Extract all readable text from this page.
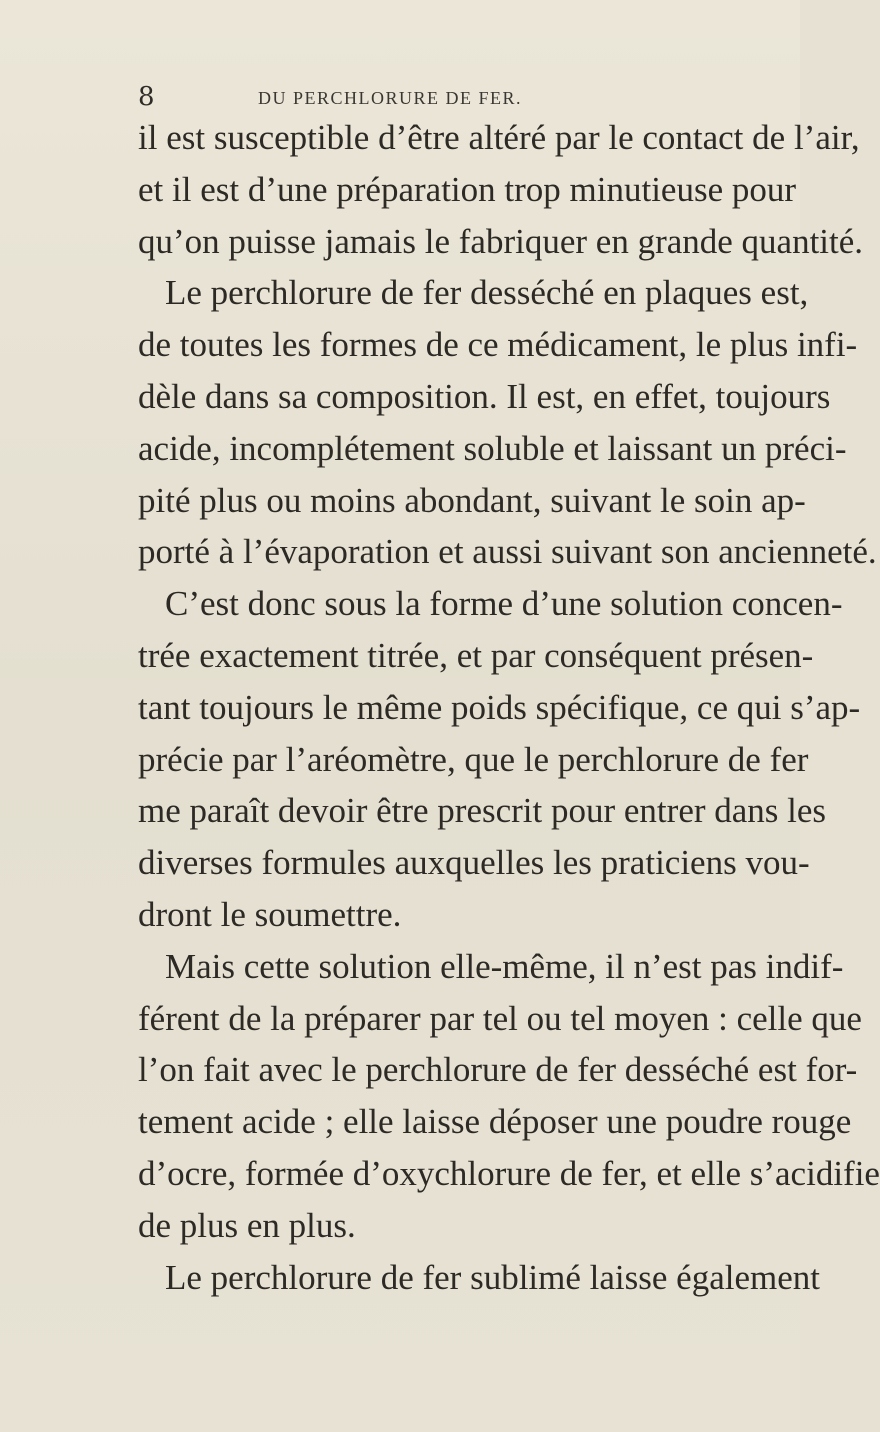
8	DU PERCHLORURE DE FER.
il est susceptible d’être altéré par le contact de l’air,
et il est d’une préparation trop minutieuse pour
qu’on puisse jamais le fabriquer en grande quantité.
Le perchlorure de fer desséché en plaques est,
de toutes les formes de ce médicament, le plus infi-
dèle dans sa composition. Il est, en effet, toujours
acide, incomplétement soluble et laissant un préci-
pité plus ou moins abondant, suivant le soin ap-
porté à l’évaporation et aussi suivant son ancienneté.
C’est donc sous la forme d’une solution concen-
trée exactement titrée, et par conséquent présen-
tant toujours le même poids spécifique, ce qui s’ap-
précie par l’aréomètre, que le perchlorure de fer
me paraît devoir être prescrit pour entrer dans les
diverses formules auxquelles les praticiens vou-
dront le soumettre.
Mais cette solution elle-même, il n’est pas indif-
férent de la préparer par tel ou tel moyen : celle que
l’on fait avec le perchlorure de fer desséché est for-
tement acide ; elle laisse déposer une poudre rouge
d’ocre, formée d’oxychlorure de fer, et elle s’acidifie
de plus en plus.
Le perchlorure de fer sublimé laisse également
